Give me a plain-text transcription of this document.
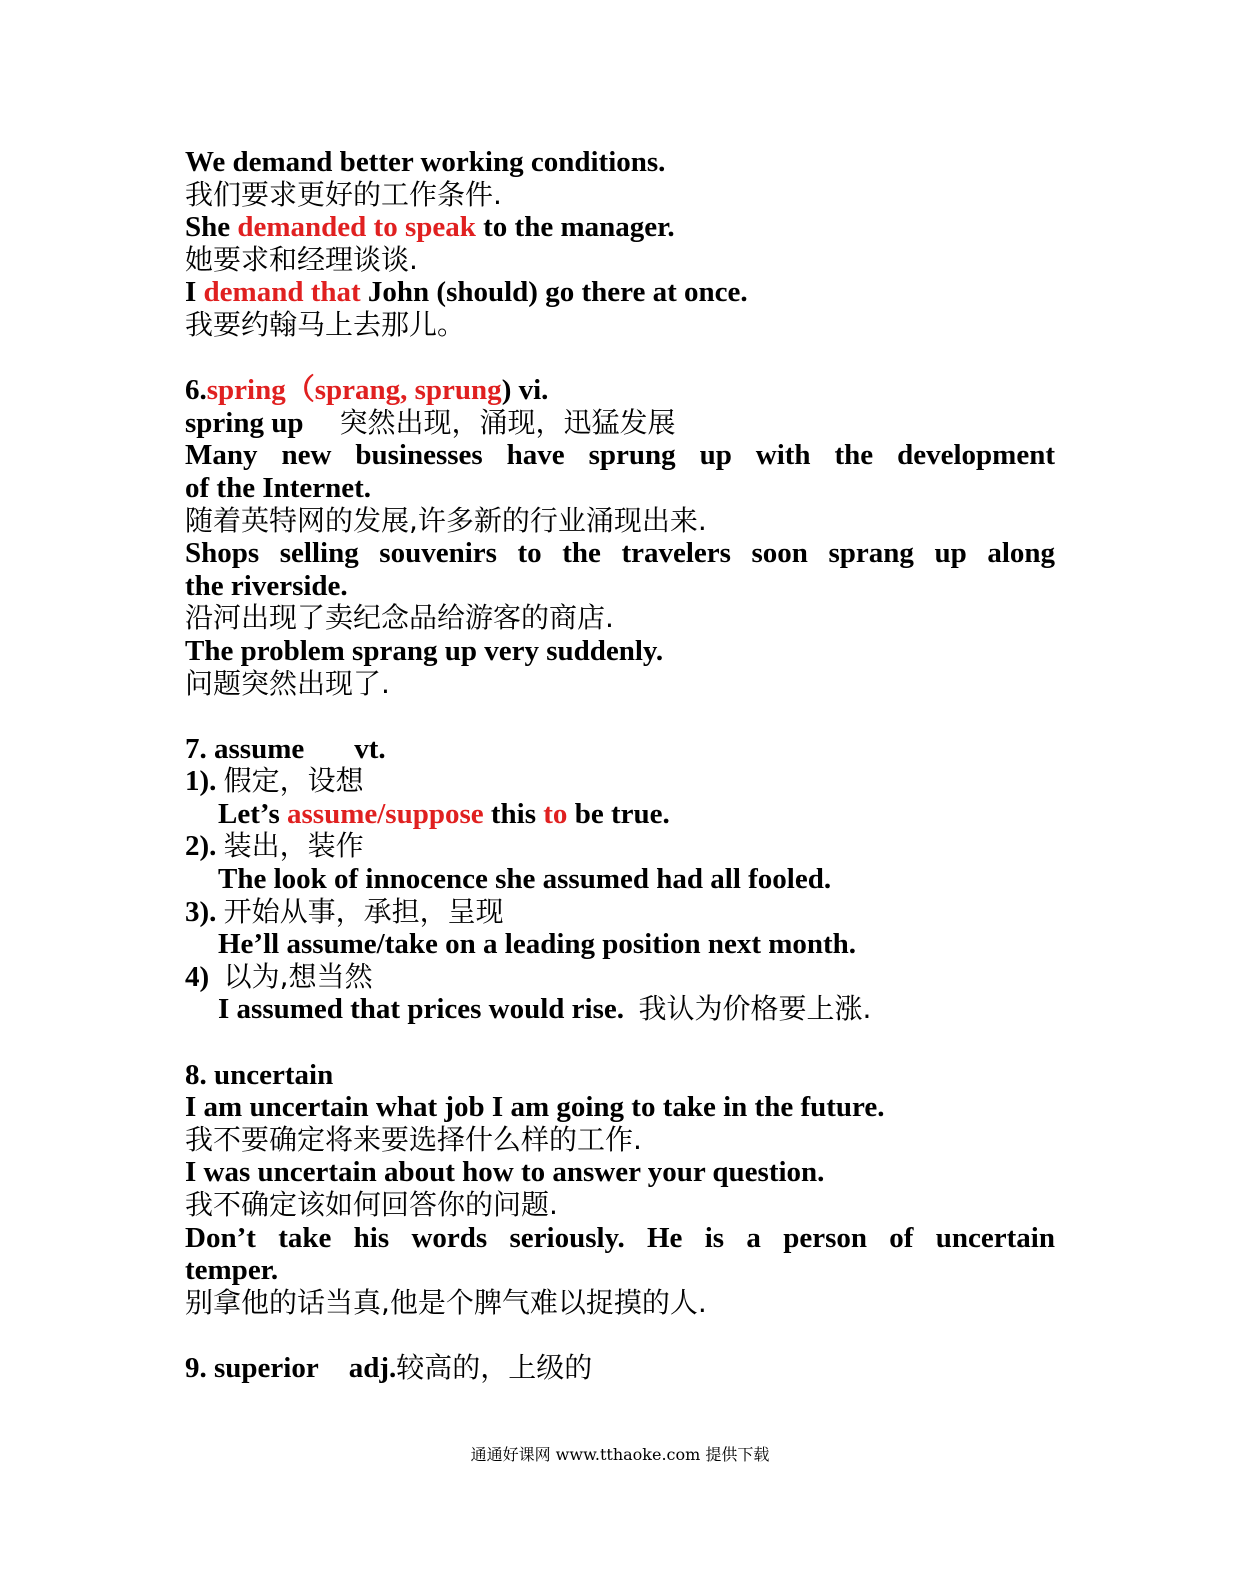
We demand better working conditions.
我们要求更好的工作条件.
She demanded to speak to the manager.
她要求和经理谈谈.
I demand that John (should) go there at once.
我要约翰马上去那儿。
6.spring（sprang, sprung) vi.
spring up 突然出现，涌现，迅猛发展
Many new businesses have sprung up with the development
of the Internet.
随着英特网的发展,许多新的行业涌现出来.
Shops selling souvenirs to the travelers soon sprang up along
the riverside.
沿河出现了卖纪念品给游客的商店.
The problem sprang up very suddenly.
问题突然出现了.
7. assume vt.
1). 假定，设想
Let’s assume/suppose this to be true.
2). 装出，装作
The look of innocence she assumed had all fooled.
3). 开始从事，承担，呈现
He’ll assume/take on a leading position next month.
4) 以为,想当然
I assumed that prices would rise. 我认为价格要上涨.
8. uncertain
I am uncertain what job I am going to take in the future.
我不要确定将来要选择什么样的工作.
I was uncertain about how to answer your question.
我不确定该如何回答你的问题.
Don’t take his words seriously. He is a person of uncertain
temper.
别拿他的话当真,他是个脾气难以捉摸的人.
9. superior adj.较高的，上级的
通通好课网 www.tthaoke.com 提供下载
